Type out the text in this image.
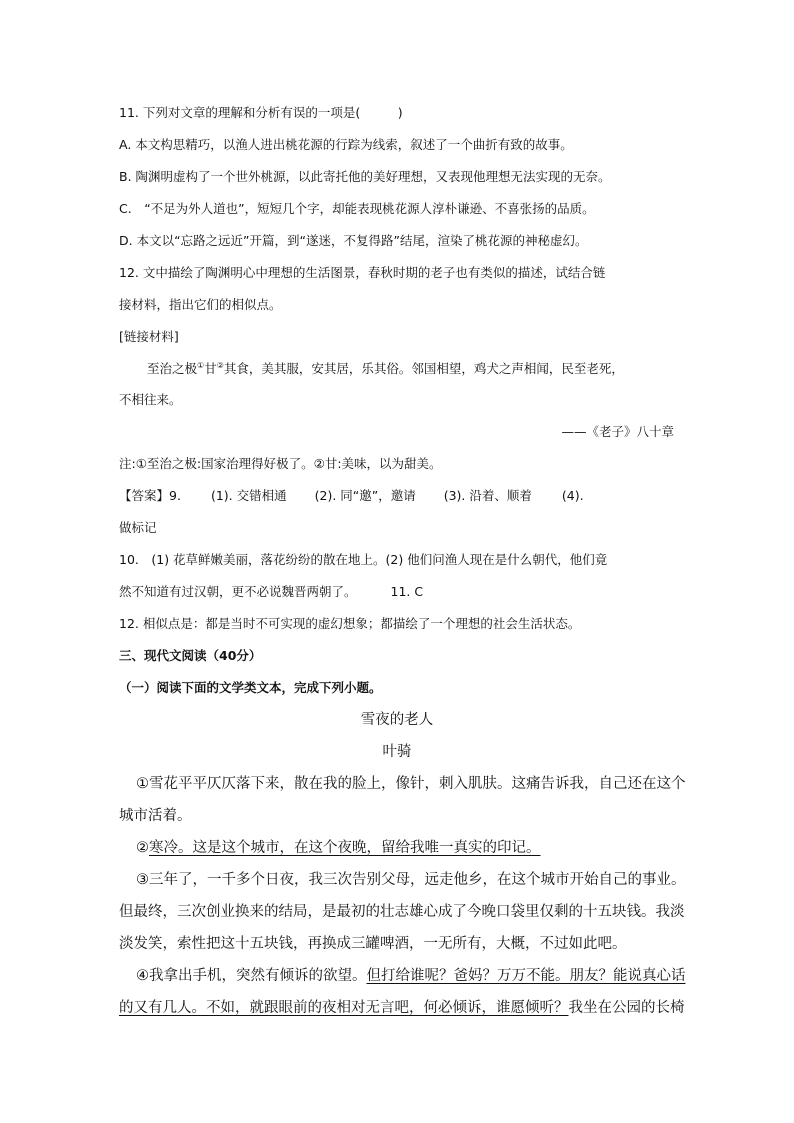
11. 下列对文章的理解和分析有误的一项是(　　　)
A. 本文构思精巧，以渔人进出桃花源的行踪为线索，叙述了一个曲折有致的故事。
B. 陶渊明虚构了一个世外桃源，以此寄托他的美好理想，又表现他理想无法实现的无奈。
C.　“不足为外人道也”，短短几个字，却能表现桃花源人淳朴谦逊、不喜张扬的品质。
D. 本文以“忘路之远近”开篇，到“遂迷，不复得路”结尾，渲染了桃花源的神秘虚幻。
12. 文中描绘了陶渊明心中理想的生活图景，春秋时期的老子也有类似的描述，试结合链
接材料，指出它们的相似点。
[链接材料]
至治之极①甘②其食，美其服，安其居，乐其俗。邻国相望，鸡犬之声相闻，民至老死，
不相往来。
——《老子》八十章
注:①至治之极:国家治理得好极了。②甘:美味，以为甜美。
【答案】9. (1). 交错相通 (2). 同“邀”，邀请 (3). 沿着、顺着 (4).
做标记
10.　(1) 花草鲜嫩美丽，落花纷纷的散在地上。(2) 他们问渔人现在是什么朝代，他们竟
然不知道有过汉朝，更不必说魏晋两朝了。	11. C
12. 相似点是：都是当时不可实现的虚幻想象；都描绘了一个理想的社会生活状态。
三、现代文阅读（40分）
（一）阅读下面的文学类文本，完成下列小题。
雪夜的老人
叶骑
①雪花平平仄仄落下来，散在我的脸上，像针，刺入肌肤。这痛告诉我，自己还在这个
城市活着。
②寒冷。这是这个城市，在这个夜晚，留给我唯一真实的印记。
③三年了，一千多个日夜，我三次告别父母，远走他乡，在这个城市开始自己的事业。
但最终，三次创业换来的结局，是最初的壮志雄心成了今晚口袋里仅剩的十五块钱。我淡
淡发笑，索性把这十五块钱，再换成三罐啤酒，一无所有，大概，不过如此吧。
④我拿出手机，突然有倾诉的欲望。但打给谁呢？爸妈？万万不能。朋友？能说真心话
的又有几人。不如，就跟眼前的夜相对无言吧，何必倾诉，谁愿倾听？我坐在公园的长椅
